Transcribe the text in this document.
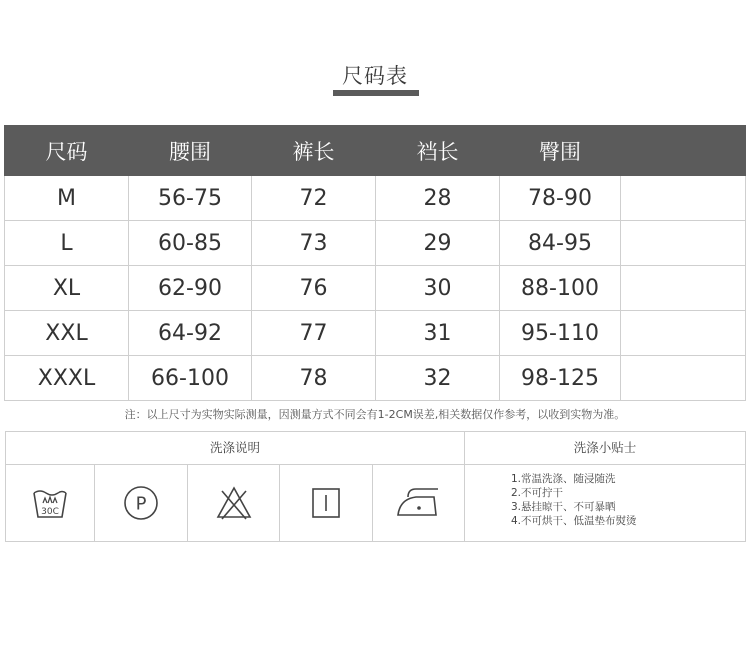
尺码表
尺码	腰围	裤长	裆长	臀围	
M	56-75	72	28	78-90	
L	60-85	73	29	84-95	
XL	62-90	76	30	88-100	
XXL	64-92	77	31	95-110	
XXXL	66-100	78	32	98-125	
注：以上尺寸为实物实际测量，因测量方式不同会有1-2CM误差,相关数据仅作参考，以收到实物为准。
洗涤说明	洗涤小贴士
30C	P
1.常温洗涤、随浸随洗
2.不可拧干
3.悬挂晾干、不可暴晒
4.不可烘干、低温垫布熨烫
